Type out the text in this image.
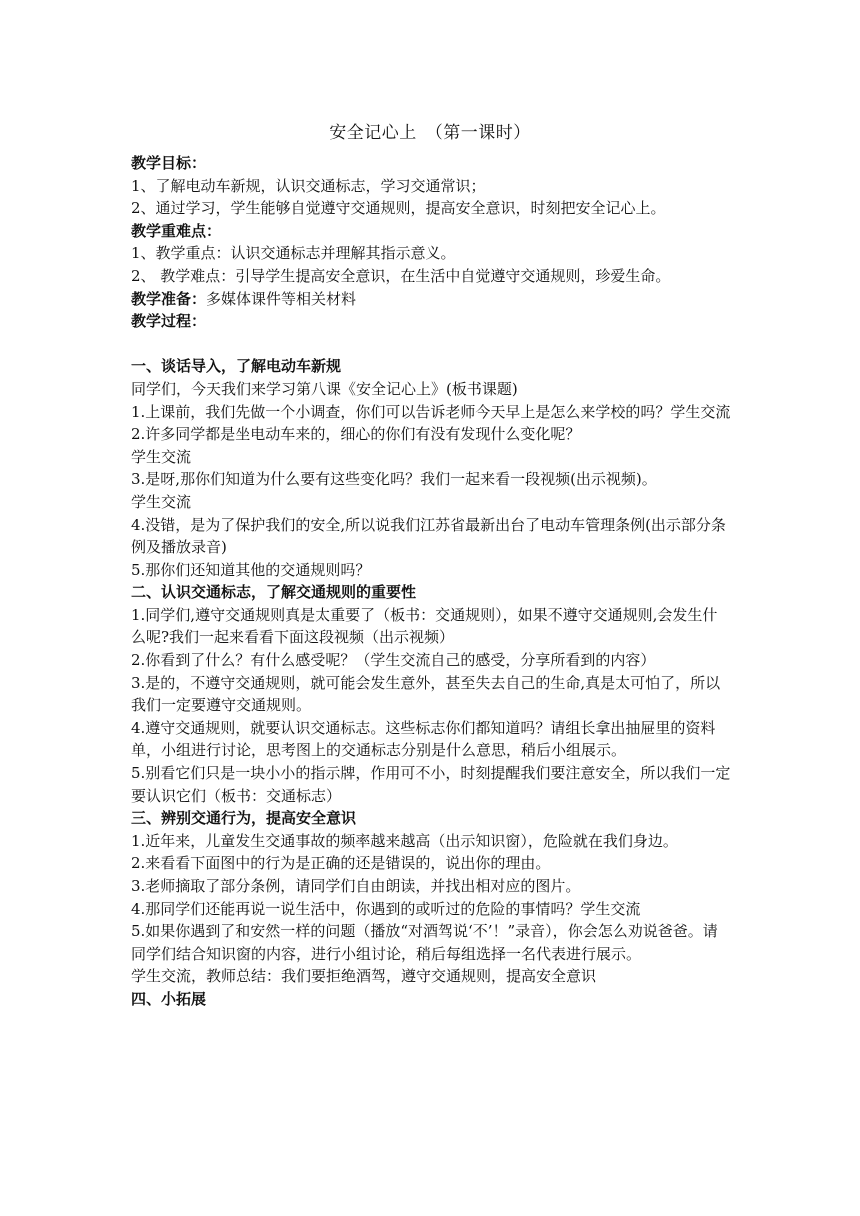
安全记心上　（第一课时）

教学目标：

1、了解电动车新规，认识交通标志，学习交通常识；

2、通过学习，学生能够自觉遵守交通规则，提高安全意识，时刻把安全记心上。

教学重难点：

1、教学重点：认识交通标志并理解其指示意义。

2、 教学难点：引导学生提高安全意识，在生活中自觉遵守交通规则，珍爱生命。

教学准备：多媒体课件等相关材料

教学过程：

一、谈话导入，了解电动车新规

同学们，今天我们来学习第八课《安全记心上》(板书课题)

1.上课前，我们先做一个小调查，你们可以告诉老师今天早上是怎么来学校的吗？学生交流

2.许多同学都是坐电动车来的，细心的你们有没有发现什么变化呢？

学生交流

3.是呀,那你们知道为什么要有这些变化吗？我们一起来看一段视频(出示视频)。

学生交流

4.没错，是为了保护我们的安全,所以说我们江苏省最新出台了电动车管理条例(出示部分条例及播放录音)

5.那你们还知道其他的交通规则吗？

二、认识交通标志，了解交通规则的重要性

1.同学们,遵守交通规则真是太重要了（板书：交通规则），如果不遵守交通规则,会发生什么呢?我们一起来看看下面这段视频（出示视频）

2.你看到了什么？有什么感受呢？（学生交流自己的感受，分享所看到的内容）

3.是的，不遵守交通规则，就可能会发生意外，甚至失去自己的生命,真是太可怕了，所以我们一定要遵守交通规则。

4.遵守交通规则，就要认识交通标志。这些标志你们都知道吗？请组长拿出抽屉里的资料单，小组进行讨论，思考图上的交通标志分别是什么意思，稍后小组展示。

5.别看它们只是一块小小的指示牌，作用可不小，时刻提醒我们要注意安全，所以我们一定要认识它们（板书：交通标志）

三、辨别交通行为，提高安全意识

1.近年来，儿童发生交通事故的频率越来越高（出示知识窗），危险就在我们身边。

2.来看看下面图中的行为是正确的还是错误的，说出你的理由。

3.老师摘取了部分条例，请同学们自由朗读，并找出相对应的图片。

4.那同学们还能再说一说生活中，你遇到的或听过的危险的事情吗？学生交流

5.如果你遇到了和安然一样的问题（播放“对酒驾说‘不’！”录音），你会怎么劝说爸爸。请同学们结合知识窗的内容，进行小组讨论，稍后每组选择一名代表进行展示。

学生交流，教师总结：我们要拒绝酒驾，遵守交通规则，提高安全意识

四、小拓展
